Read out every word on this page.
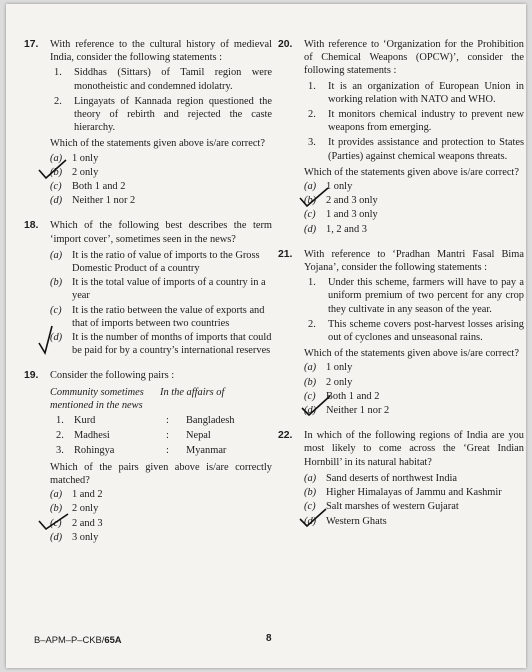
17. With reference to the cultural history of medieval India, consider the following statements :
1. Siddhas (Sittars) of Tamil region were monotheistic and condemned idolatry.
2. Lingayats of Kannada region questioned the theory of rebirth and rejected the caste hierarchy.
Which of the statements given above is/are correct?
(a) 1 only
(b) 2 only
(c) Both 1 and 2
(d) Neither 1 nor 2
18. Which of the following best describes the term ‘import cover’, sometimes seen in the news?
(a) It is the ratio of value of imports to the Gross Domestic Product of a country
(b) It is the total value of imports of a country in a year
(c) It is the ratio between the value of exports and that of imports between two countries
(d) It is the number of months of imports that could be paid for by a country’s international reserves
19. Consider the following pairs :
Community sometimes mentioned in the news
In the affairs of
1. Kurd	:	Bangladesh
2. Madhesi	:	Nepal
3. Rohingya	:	Myanmar
Which of the pairs given above is/are correctly matched?
(a) 1 and 2
(b) 2 only
(c) 2 and 3
(d) 3 only
20. With reference to ‘Organization for the Prohibition of Chemical Weapons (OPCW)’, consider the following statements :
1. It is an organization of European Union in working relation with NATO and WHO.
2. It monitors chemical industry to prevent new weapons from emerging.
3. It provides assistance and protection to States (Parties) against chemical weapons threats.
Which of the statements given above is/are correct?
(a) 1 only
(b) 2 and 3 only
(c) 1 and 3 only
(d) 1, 2 and 3
21. With reference to ‘Pradhan Mantri Fasal Bima Yojana’, consider the following statements :
1. Under this scheme, farmers will have to pay a uniform premium of two percent for any crop they cultivate in any season of the year.
2. This scheme covers post-harvest losses arising out of cyclones and unseasonal rains.
Which of the statements given above is/are correct?
(a) 1 only
(b) 2 only
(c) Both 1 and 2
(d) Neither 1 nor 2
22. In which of the following regions of India are you most likely to come across the ‘Great Indian Hornbill’ in its natural habitat?
(a) Sand deserts of northwest India
(b) Higher Himalayas of Jammu and Kashmir
(c) Salt marshes of western Gujarat
(d) Western Ghats
B–APM–P–CKB/65A	8
